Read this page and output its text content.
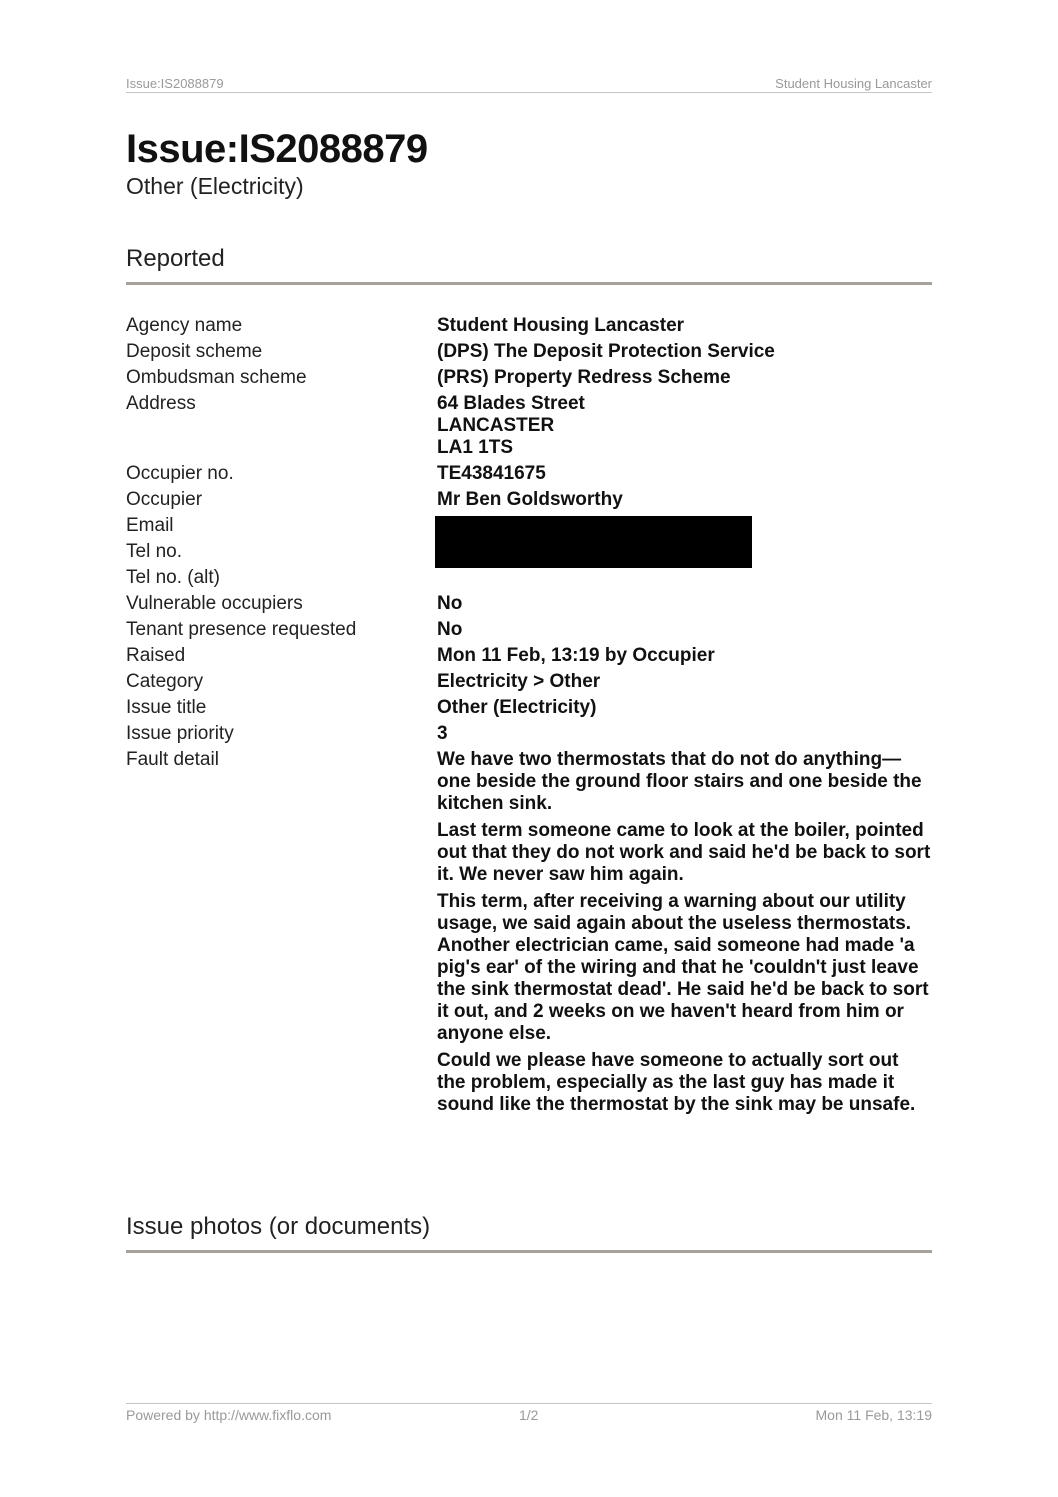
Issue:IS2088879	Student Housing Lancaster
Issue:IS2088879
Other (Electricity)
Reported
Agency name	Student Housing Lancaster
Deposit scheme	(DPS) The Deposit Protection Service
Ombudsman scheme	(PRS) Property Redress Scheme
Address	64 Blades Street
LANCASTER
LA1 1TS
Occupier no.	TE43841675
Occupier	Mr Ben Goldsworthy
Email

Tel no.

Tel no. (alt)

Vulnerable occupiers	No
Tenant presence requested	No
Raised	Mon 11 Feb, 13:19 by Occupier
Category	Electricity > Other
Issue title	Other (Electricity)
Issue priority	3
Fault detail	We have two thermostats that do not do anything—one beside the ground floor stairs and one beside the kitchen sink.

Last term someone came to look at the boiler, pointed out that they do not work and said he'd be back to sort it. We never saw him again.

This term, after receiving a warning about our utility usage, we said again about the useless thermostats. Another electrician came, said someone had made 'a pig's ear' of the wiring and that he 'couldn't just leave the sink thermostat dead'. He said he'd be back to sort it out, and 2 weeks on we haven't heard from him or anyone else.

Could we please have someone to actually sort out the problem, especially as the last guy has made it sound like the thermostat by the sink may be unsafe.

Issue photos (or documents)
Powered by http://www.fixflo.com	1/2	Mon 11 Feb, 13:19
